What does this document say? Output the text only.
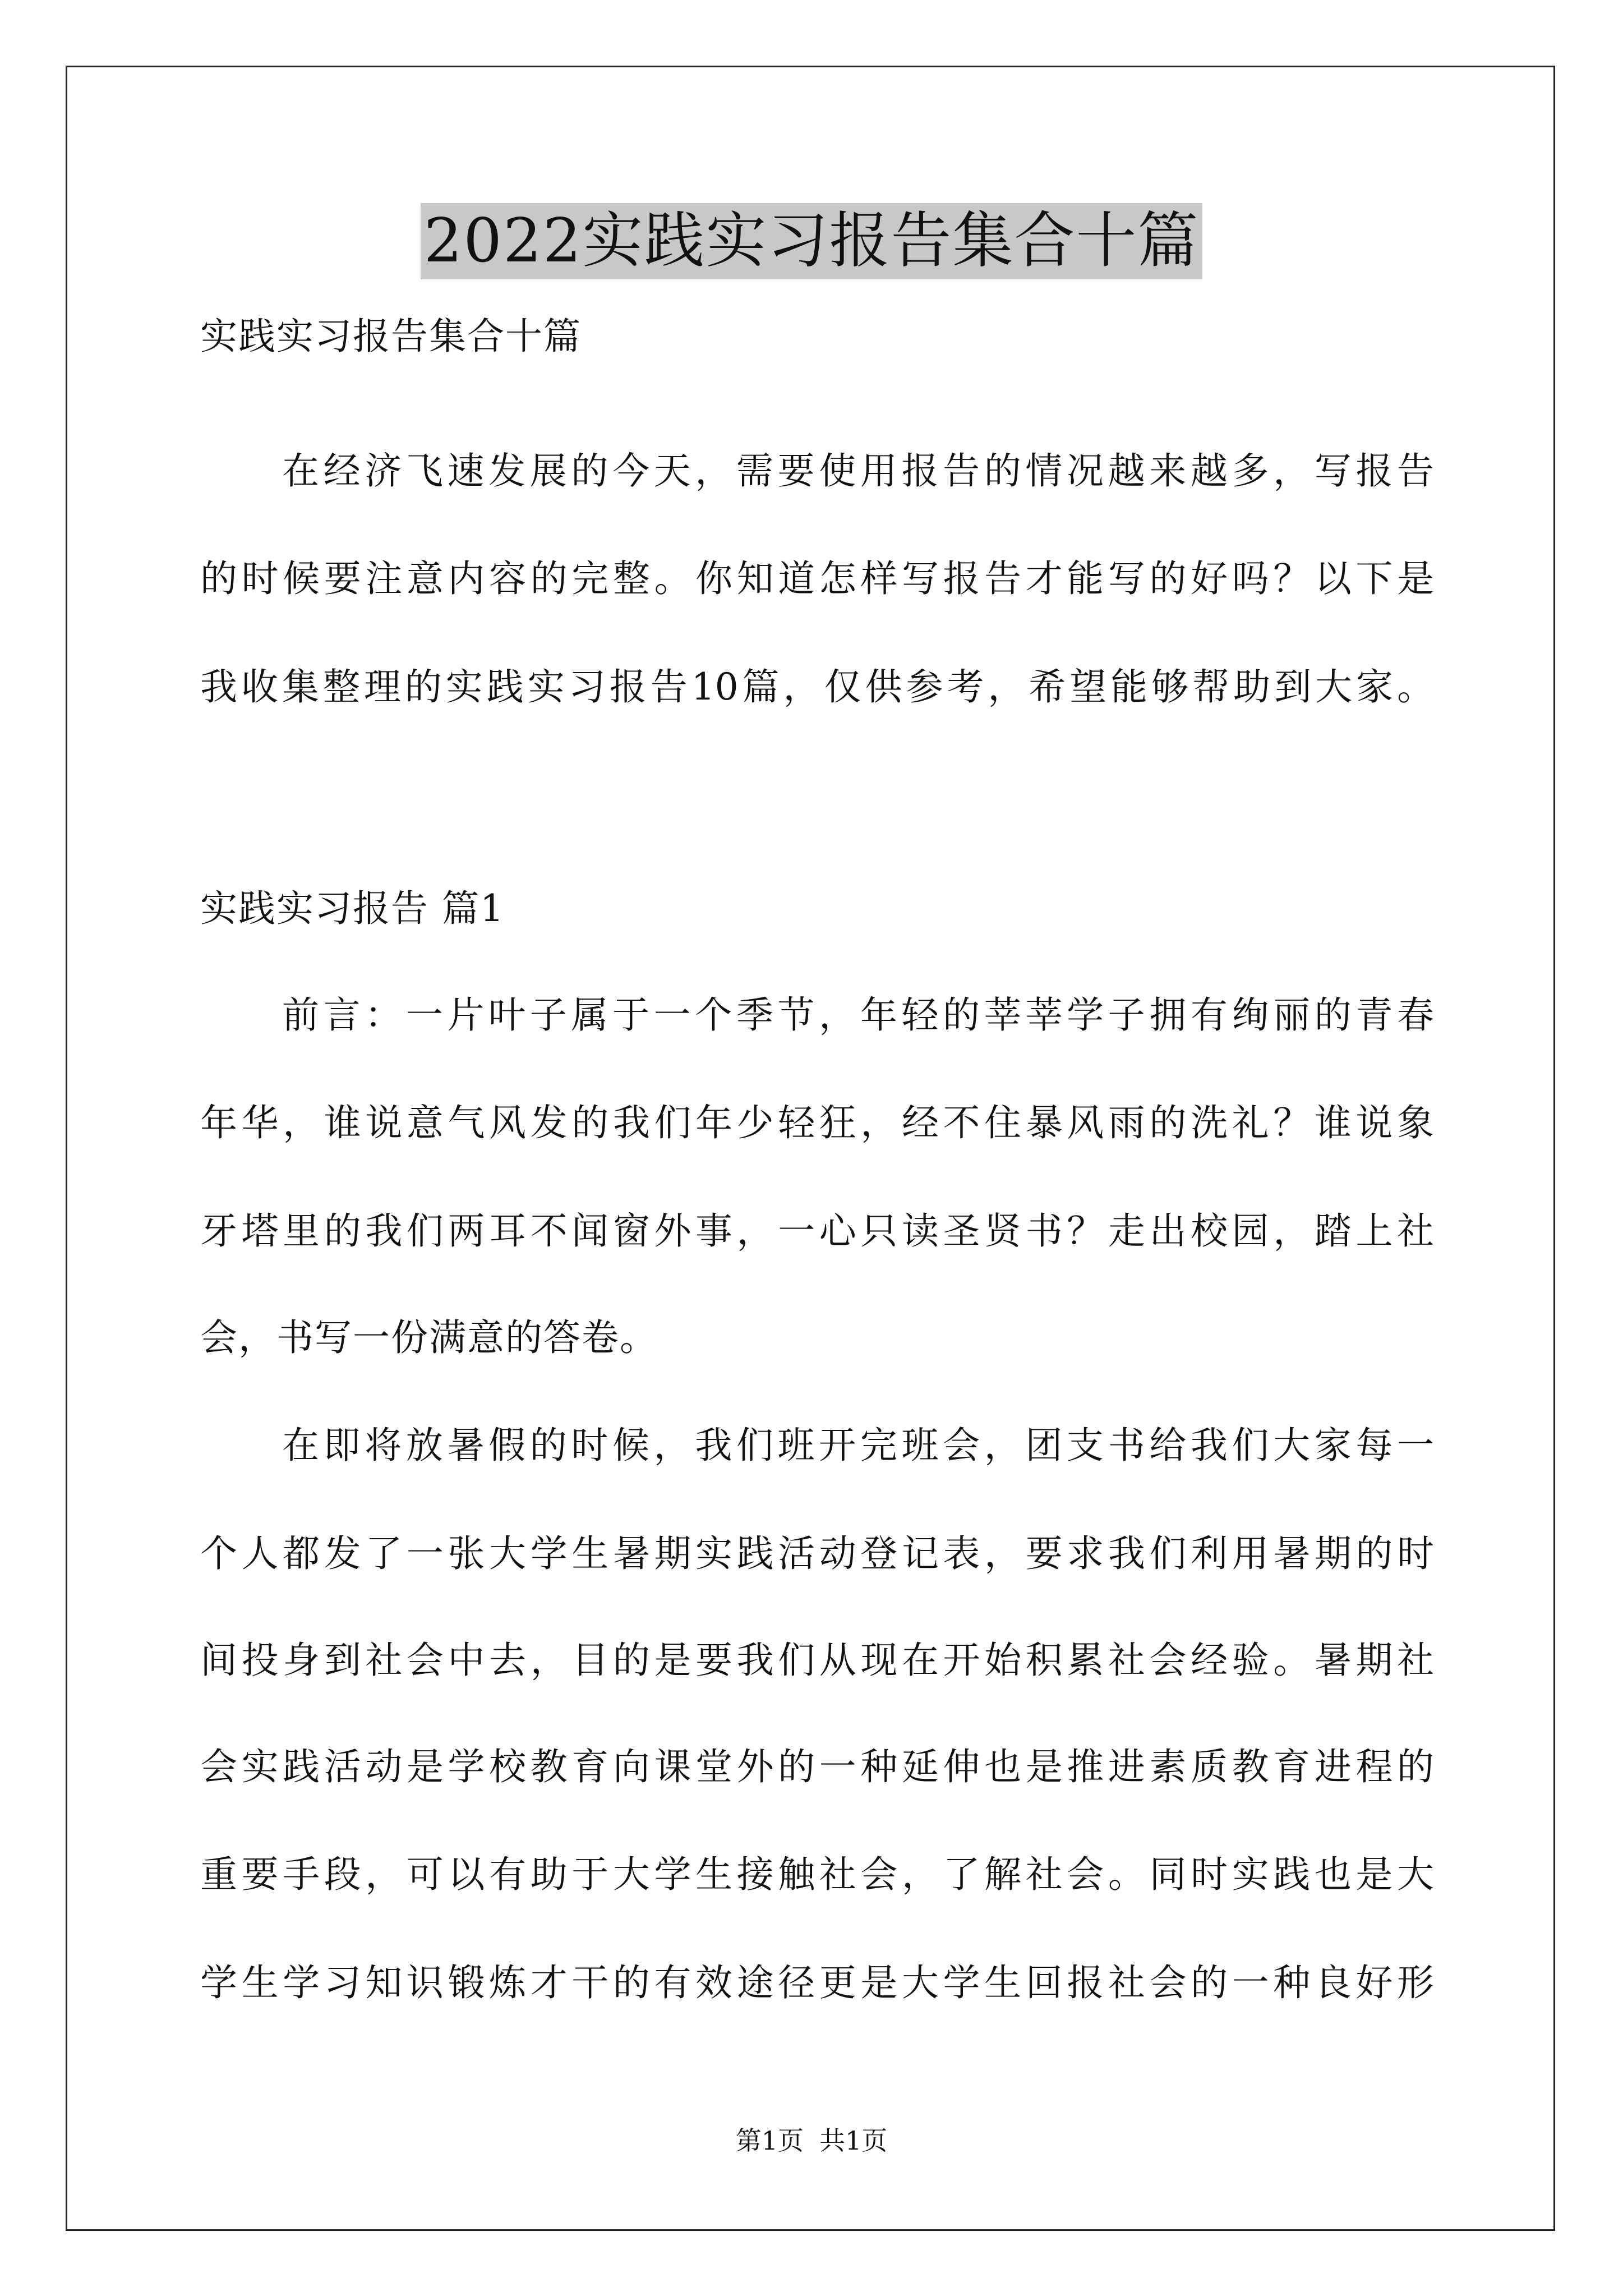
2022实践实习报告集合十篇
实践实习报告集合十篇
在经济飞速发展的今天，需要使用报告的情况越来越多，写报告
的时候要注意内容的完整。你知道怎样写报告才能写的好吗？以下是
我收集整理的实践实习报告10篇，仅供参考，希望能够帮助到大家。
实践实习报告 篇1
前言：一片叶子属于一个季节，年轻的莘莘学子拥有绚丽的青春
年华，谁说意气风发的我们年少轻狂，经不住暴风雨的洗礼？谁说象
牙塔里的我们两耳不闻窗外事，一心只读圣贤书？走出校园，踏上社
会，书写一份满意的答卷。
在即将放暑假的时候，我们班开完班会，团支书给我们大家每一
个人都发了一张大学生暑期实践活动登记表，要求我们利用暑期的时
间投身到社会中去，目的是要我们从现在开始积累社会经验。暑期社
会实践活动是学校教育向课堂外的一种延伸也是推进素质教育进程的
重要手段，可以有助于大学生接触社会，了解社会。同时实践也是大
学生学习知识锻炼才干的有效途径更是大学生回报社会的一种良好形
第1页 共1页
